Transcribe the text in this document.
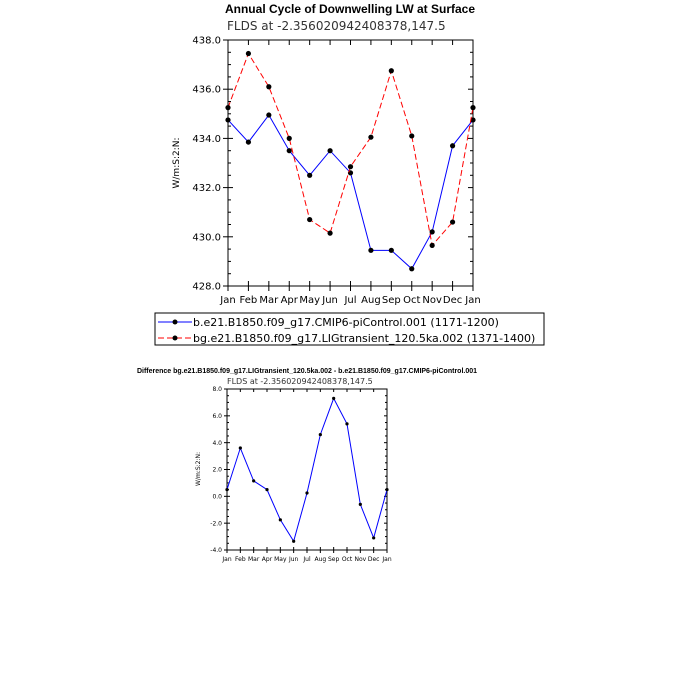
Annual Cycle of Downwelling LW at Surface
FLDS at -2.356020942408378,147.5
W/m:S:2:N:
428.0
430.0
432.0
434.0
436.0
438.0
Jan Feb Mar Apr May Jun Jul Aug Sep Oct Nov Dec Jan
b.e21.B1850.f09_g17.CMIP6-piControl.001 (1171-1200)
bg.e21.B1850.f09_g17.LIGtransient_120.5ka.002 (1371-1400)
Difference bg.e21.B1850.f09_g17.LIGtransient_120.5ka.002 - b.e21.B1850.f09_g17.CMIP6-piControl.001
FLDS at -2.356020942408378,147.5
W/m:S:2:N:
-4.0
-2.0
0.0
2.0
4.0
6.0
8.0
Jan Feb Mar Apr May Jun Jul Aug Sep Oct Nov Dec Jan
